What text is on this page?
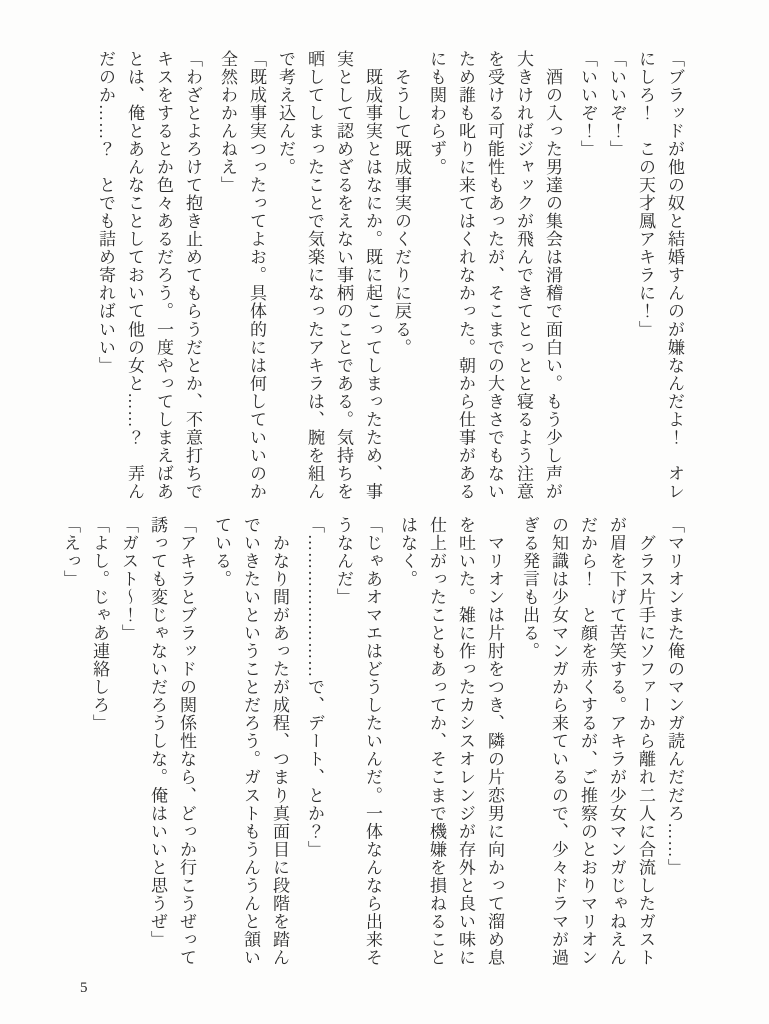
「ブラッドが他の奴と結婚すんのが嫌なんだよ！　オレ

にしろ！　この天才鳳アキラに！」

「いいぞ！」

「いいぞ！」

　酒の入った男達の集会は滑稽で面白い。もう少し声が

大きければジャックが飛んできてとっとと寝るよう注意

を受ける可能性もあったが、そこまでの大きさでもない

ため誰も叱りに来てはくれなかった。朝から仕事がある

にも関わらず。

　そうして既成事実のくだりに戻る。

　既成事実とはなにか。既に起こってしまったため、事

実として認めざるをえない事柄のことである。気持ちを

晒してしまったことで気楽になったアキラは、腕を組ん

で考え込んだ。

「既成事実つったってよお。具体的には何していいのか

全然わかんねえ」

「わざとよろけて抱き止めてもらうだとか、不意打ちで

キスをするとか色々あるだろう。一度やってしまえばあ

とは、俺とあんなことしておいて他の女と……？　弄ん

だのか……？　とでも詰め寄ればいい」

「マリオンまた俺のマンガ読んだだろ……」

　グラス片手にソファーから離れ二人に合流したガスト

が眉を下げて苦笑する。アキラが少女マンガじゃねえん

だから！　と顔を赤くするが、ご推察のとおりマリオン

の知識は少女マンガから来ているので、少々ドラマが過

ぎる発言も出る。

　マリオンは片肘をつき、隣の片恋男に向かって溜め息

を吐いた。雑に作ったカシスオレンジが存外と良い味に

仕上がったこともあってか、そこまで機嫌を損ねること

はなく。

「じゃあオマエはどうしたいんだ。一体なんなら出来そ

うなんだ」

「……………………で、デート、とか？」

　かなり間があったが成程、つまり真面目に段階を踏ん

でいきたいということだろう。ガストもうんうんと頷い

ている。

「アキラとブラッドの関係性なら、どっか行こうぜって

誘っても変じゃないだろうしな。俺はいいと思うぜ」

「ガスト〜！」

「よし。じゃあ連絡しろ」

「えっ」

5
